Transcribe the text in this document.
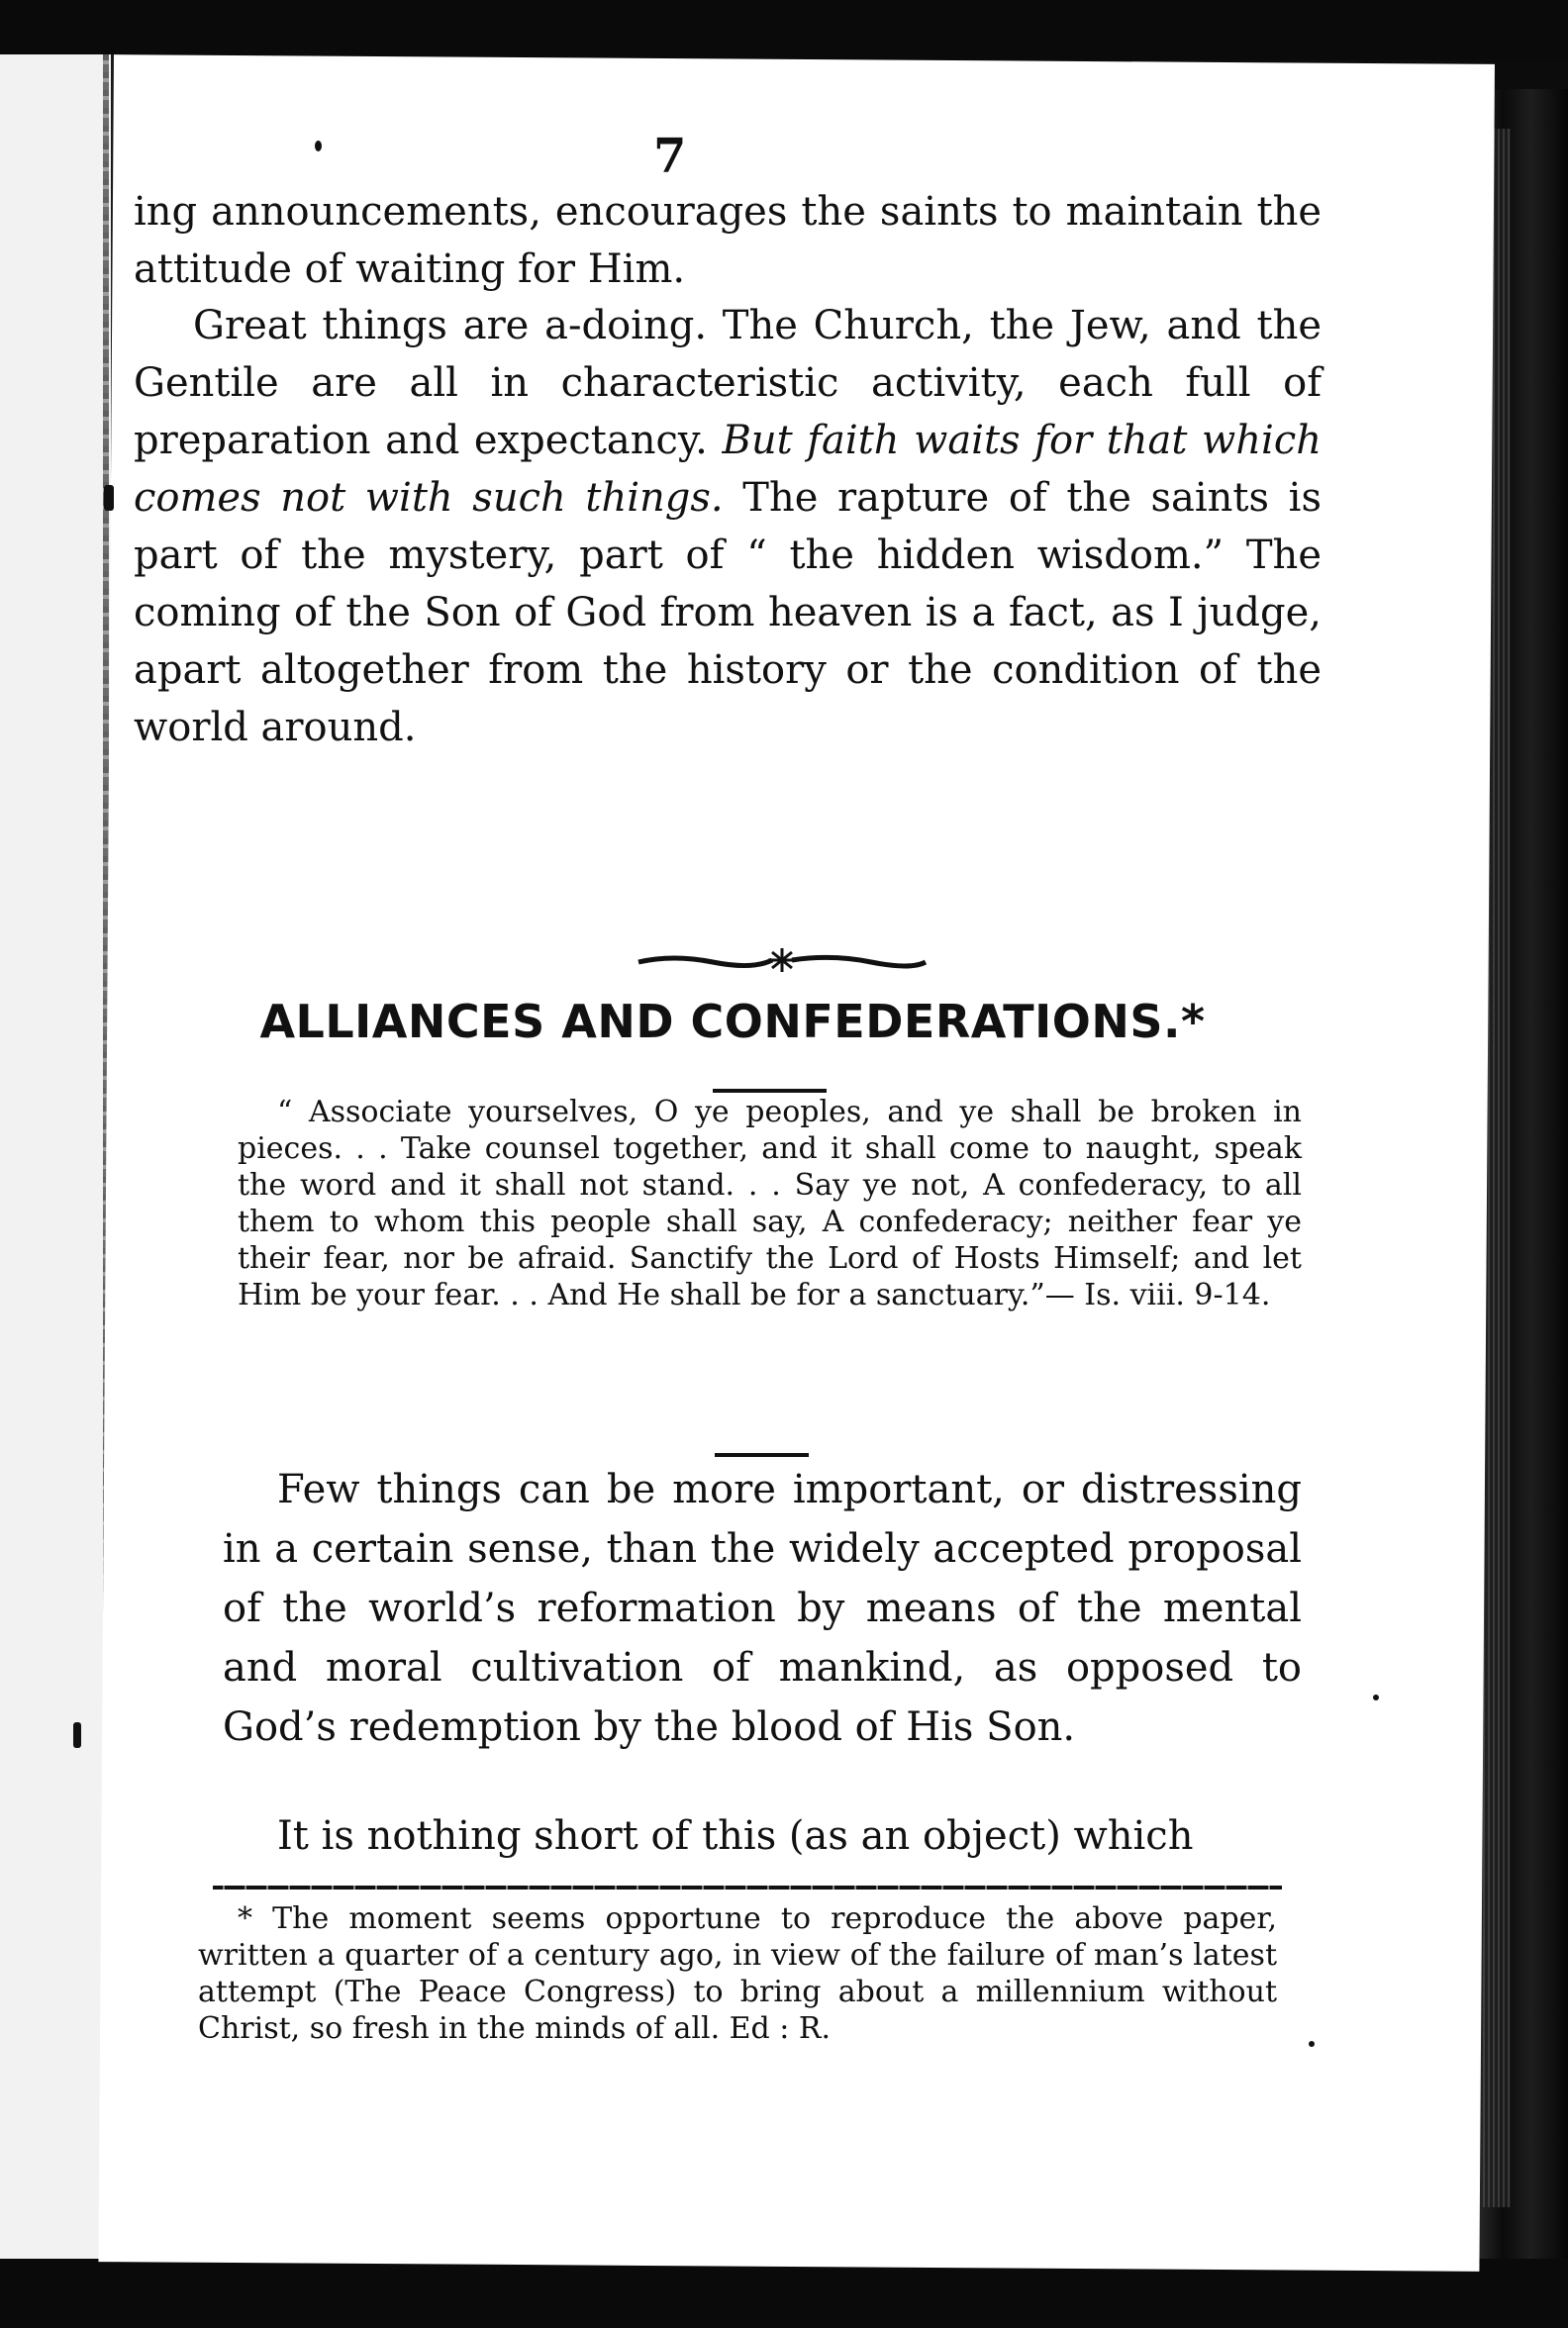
7

ing announcements, encourages the saints to maintain the attitude of waiting for Him.

Great things are a-doing. The Church, the Jew, and the Gentile are all in characteristic activity, each full of preparation and expectancy. But faith waits for that which comes not with such things. The rapture of the saints is part of the mystery, part of “ the hidden wisdom.” The coming of the Son of God from heaven is a fact, as I judge, apart altogether from the history or the condition of the world around.

ALLIANCES AND CONFEDERATIONS.*

“ Associate yourselves, O ye peoples, and ye shall be broken in pieces. . . Take counsel together, and it shall come to naught, speak the word and it shall not stand. . . Say ye not, A confederacy, to all them to whom this people shall say, A confederacy; neither fear ye their fear, nor be afraid. Sanctify the Lord of Hosts Himself; and let Him be your fear. . . And He shall be for a sanctuary.”— Is. viii. 9-14.

Few things can be more important, or distressing in a certain sense, than the widely accepted proposal of the world’s reformation by means of the mental and moral cultivation of mankind, as opposed to God’s redemption by the blood of His Son.

It is nothing short of this (as an object) which

* The moment seems opportune to reproduce the above paper, written a quarter of a century ago, in view of the failure of man’s latest attempt (The Peace Congress) to bring about a millennium without Christ, so fresh in the minds of all. Ed : R.
